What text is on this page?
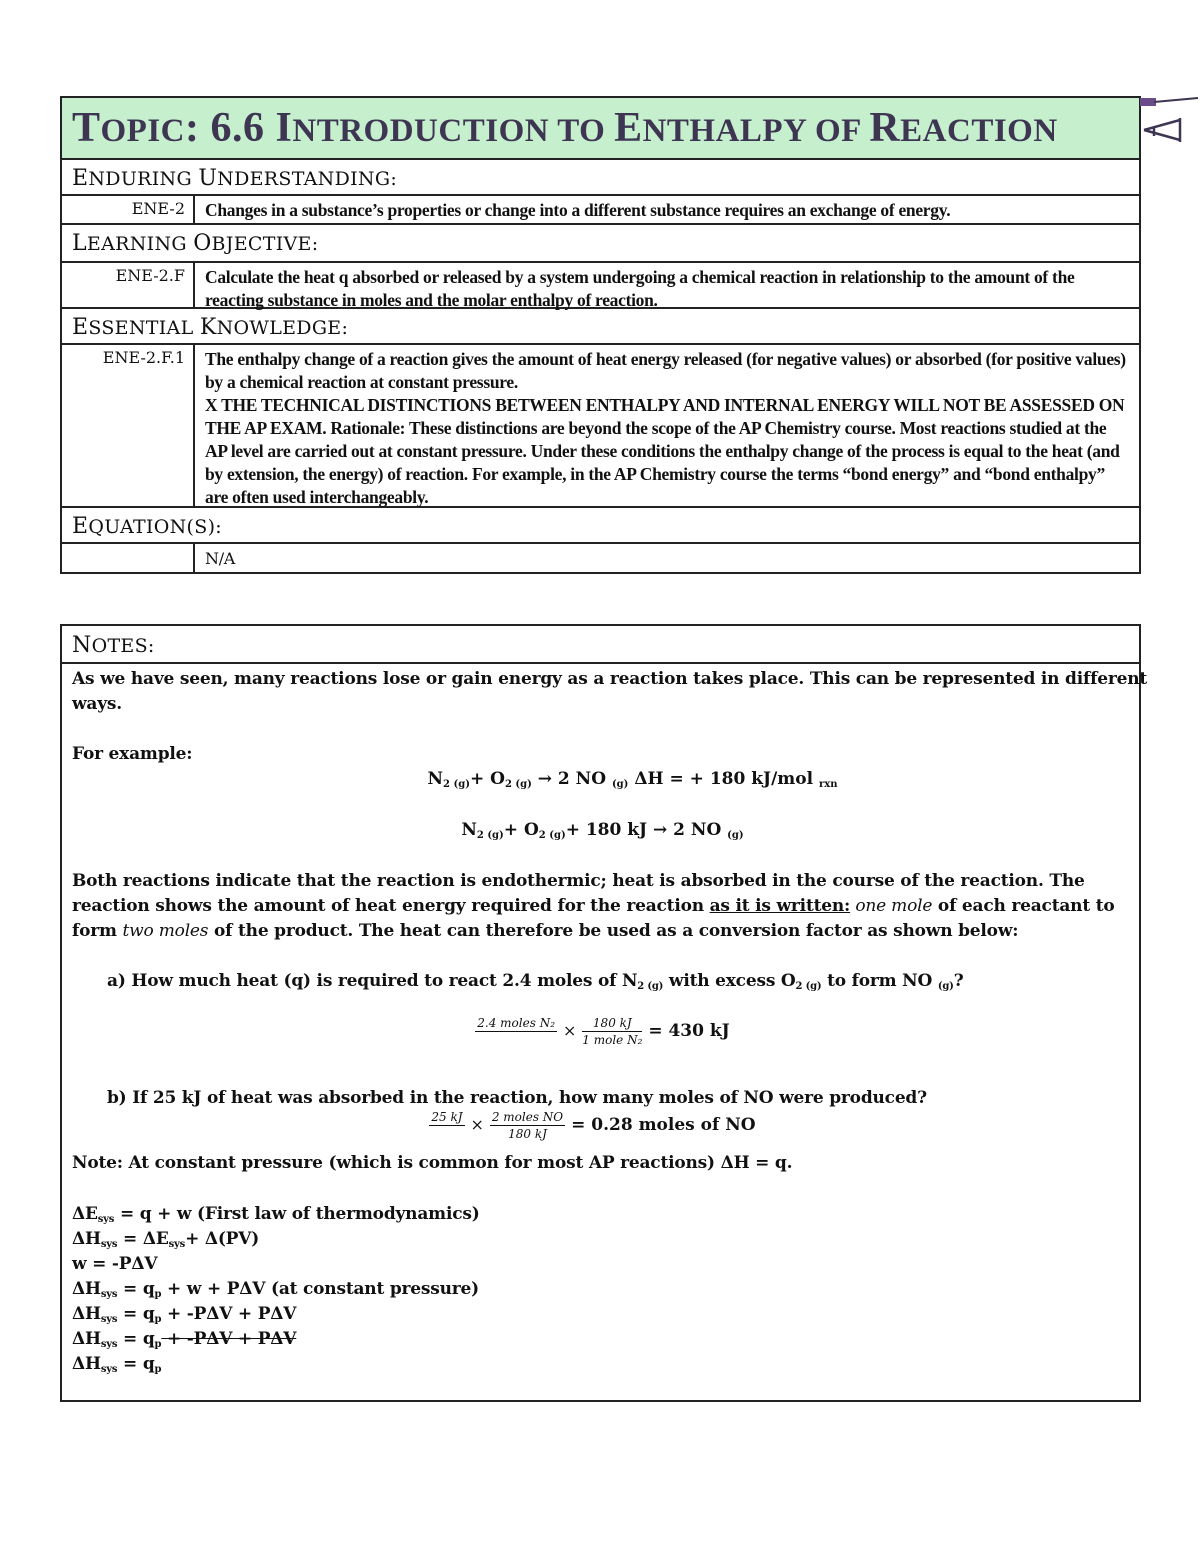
TOPIC: 6.6 INTRODUCTION TO ENTHALPY OF REACTION
ENDURING UNDERSTANDING:
ENE-2	Changes in a substance’s properties or change into a different substance requires an exchange of energy.
LEARNING OBJECTIVE:
ENE-2.F	Calculate the heat q absorbed or released by a system undergoing a chemical reaction in relationship to the amount of the reacting substance in moles and the molar enthalpy of reaction.
ESSENTIAL KNOWLEDGE:
ENE-2.F.1	The enthalpy change of a reaction gives the amount of heat energy released (for negative values) or absorbed (for positive values) by a chemical reaction at constant pressure.
X THE TECHNICAL DISTINCTIONS BETWEEN ENTHALPY AND INTERNAL ENERGY WILL NOT BE ASSESSED ON THE AP EXAM. Rationale: These distinctions are beyond the scope of the AP Chemistry course. Most reactions studied at the AP level are carried out at constant pressure. Under these conditions the enthalpy change of the process is equal to the heat (and by extension, the energy) of reaction. For example, in the AP Chemistry course the terms “bond energy” and “bond enthalpy” are often used interchangeably.
EQUATION(S):
N/A
NOTES:
As we have seen, many reactions lose or gain energy as a reaction takes place. This can be represented in different
ways.
For example:
$N_{2 (g)}+ O_{2 (g)} \to 2$ NO $_{(g)}$ ΔH = + 180 kJ/mol $_{rxn}$
$N_{2 (g)}+ O_{2 (g)}+ 180$ kJ → 2 NO $_{(g)}$
Both reactions indicate that the reaction is endothermic; heat is absorbed in the course of the reaction. The
reaction shows the amount of heat energy required for the reaction as it is written: one mole of each reactant to
form two moles of the product. The heat can therefore be used as a conversion factor as shown below:
a) How much heat (q) is required to react 2.4 moles of $N_{2 (g)}$ with excess $O_{2 (g)}$ to form NO $_{(g)}$?
2.4 moles N₂
× $\frac{180 kJ}{\text{1 mole N₂}} = 430$ kJ
b) If 25 kJ of heat was absorbed in the reaction, how many moles of NO were produced?
25 kJ
× $\frac{\text{2 moles NO}}{180 kJ} = 0.28$ moles of NO
Note: At constant pressure (which is common for most AP reactions) ΔH = q.
$\Delta E_{sys} = q + w$ (First law of thermodynamics)
$\Delta H_{sys} = \Delta E_{sys}+ \Delta(PV)$
w = -PΔV
$\Delta H_{sys} = q_p + w + P\Delta V$ (at constant pressure)
$\Delta H_{sys} = q_p + -P\Delta V + P\Delta V$
$\Delta H_{sys} = q_p + -P\Delta V + P\Delta V$
$\Delta H_{sys} = q_p$
